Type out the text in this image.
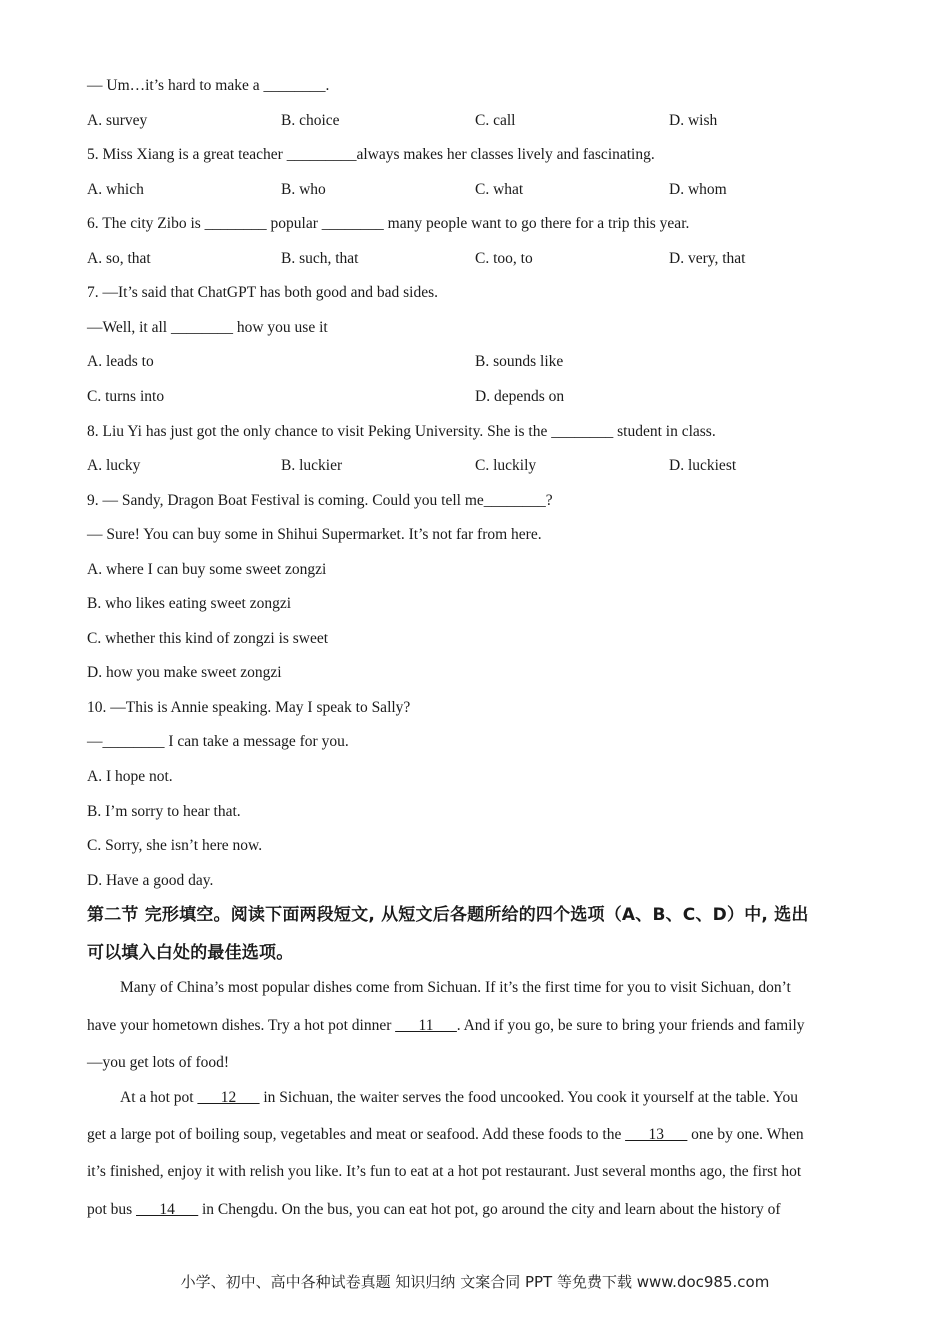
— Um…it’s hard to make a ________.
A. survey	B. choice	C. call	D. wish
5. Miss Xiang is a great teacher _________always makes her classes lively and fascinating.
A. which	B. who	C. what	D. whom
6. The city Zibo is ________ popular ________ many people want to go there for a trip this year.
A. so, that	B. such, that	C. too, to	D. very, that
7. —It’s said that ChatGPT has both good and bad sides.
—Well, it all ________ how you use it
A. leads to	B. sounds like
C. turns into	D. depends on
8. Liu Yi has just got the only chance to visit Peking University. She is the ________ student in class.
A. lucky	B. luckier	C. luckily	D. luckiest
9. — Sandy, Dragon Boat Festival is coming. Could you tell me________?
— Sure! You can buy some in Shihui Supermarket. It’s not far from here.
A. where I can buy some sweet zongzi
B. who likes eating sweet zongzi
C. whether this kind of zongzi is sweet
D. how you make sweet zongzi
10. —This is Annie speaking. May I speak to Sally?
—________ I can take a message for you.
A. I hope not.
B. I’m sorry to hear that.
C. Sorry, she isn’t here now.
D. Have a good day.
第二节 完形填空。阅读下面两段短文, 从短文后各题所给的四个选项（A、B、C、D）中, 选出
可以填入白处的最佳选项。
Many of China’s most popular dishes come from Sichuan. If it’s the first time for you to visit Sichuan, don’t
have your hometown dishes. Try a hot pot dinner ___11___. And if you go, be sure to bring your friends and family
—you get lots of food!
At a hot pot ___12___ in Sichuan, the waiter serves the food uncooked. You cook it yourself at the table. You
get a large pot of boiling soup, vegetables and meat or seafood. Add these foods to the ___13___ one by one. When
it’s finished, enjoy it with relish you like. It’s fun to eat at a hot pot restaurant. Just several months ago, the first hot
pot bus ___14___ in Chengdu. On the bus, you can eat hot pot, go around the city and learn about the history of
小学、初中、高中各种试卷真题 知识归纳 文案合同 PPT 等免费下载 www.doc985.com
